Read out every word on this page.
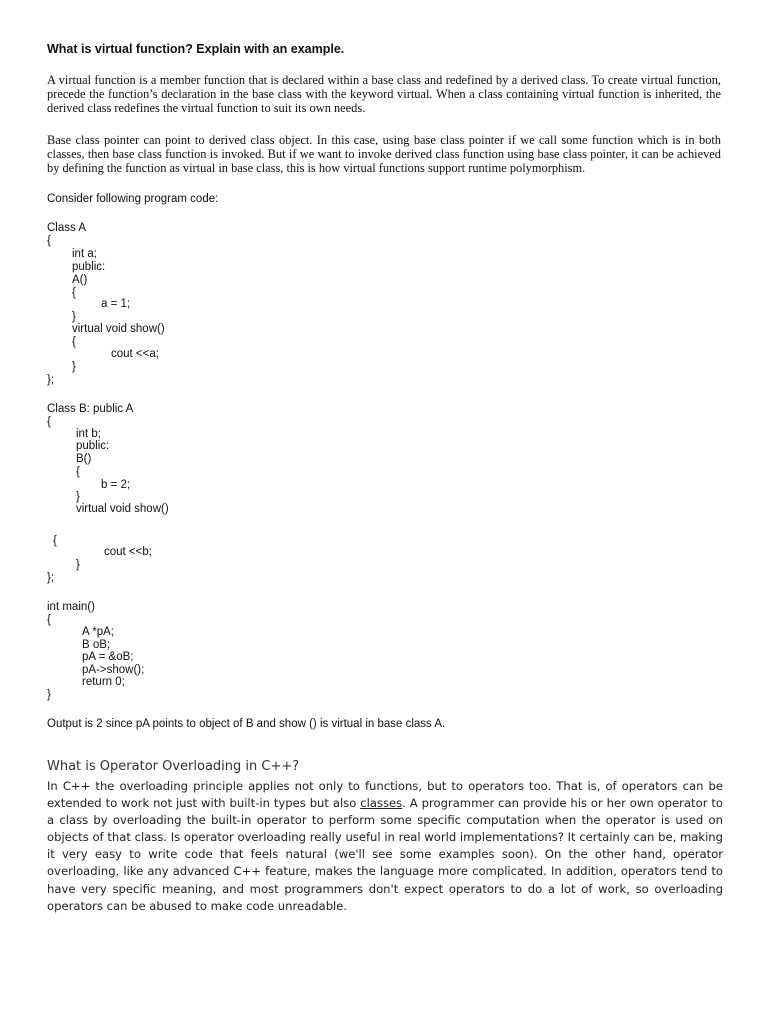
What is virtual function? Explain with an example.

A virtual function is a member function that is declared within a base class and redefined by a derived class. To create virtual function, precede the function’s declaration in the base class with the keyword virtual. When a class containing virtual function is inherited, the derived class redefines the virtual function to suit its own needs.

Base class pointer can point to derived class object. In this case, using base class pointer if we call some function which is in both classes, then base class function is invoked. But if we want to invoke derived class function using base class pointer, it can be achieved by defining the function as virtual in base class, this is how virtual functions support runtime polymorphism.

Consider following program code:
Class A
{
int a;
public:
A()
{
a = 1;
}
virtual void show()
{
cout <<a;
}
};
Class B: public A
{
int b;
public:
B()
{
b = 2;
}
virtual void show()
{
cout <<b;
}
};
int main()
{
A *pA;
B oB;
pA = &oB;
pA->show();
return 0;
}
Output is 2 since pA points to object of B and show () is virtual in base class A.
What is Operator Overloading in C++?

In C++ the overloading principle applies not only to functions, but to operators too. That is, of operators can be extended to work not just with built-in types but also classes. A programmer can provide his or her own operator to a class by overloading the built-in operator to perform some specific computation when the operator is used on objects of that class. Is operator overloading really useful in real world implementations? It certainly can be, making it very easy to write code that feels natural (we'll see some examples soon). On the other hand, operator overloading, like any advanced C++ feature, makes the language more complicated. In addition, operators tend to have very specific meaning, and most programmers don't expect operators to do a lot of work, so overloading operators can be abused to make code unreadable.
